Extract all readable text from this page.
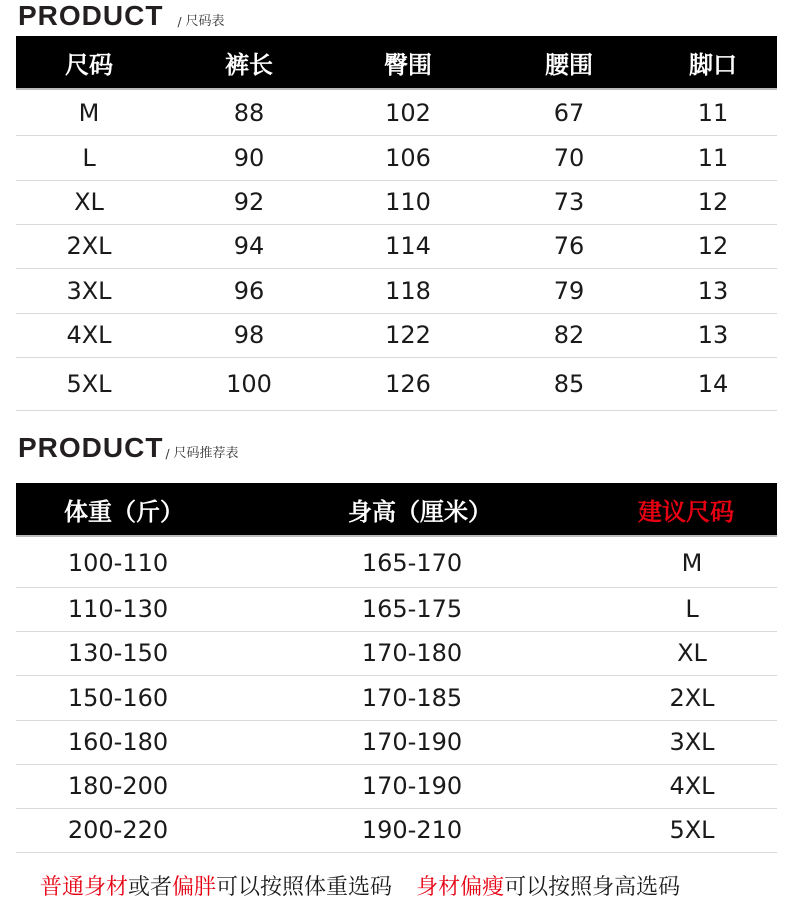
PRODUCT / 尺码表
尺码	裤长	臀围	腰围	脚口
M	88	102	67	11
L	90	106	70	11
XL	92	110	73	12
2XL	94	114	76	12
3XL	96	118	79	13
4XL	98	122	82	13
5XL	100	126	85	14
PRODUCT / 尺码推荐表
体重（斤）	身高（厘米）	建议尺码
100-110	165-170	M
110-130	165-175	L
130-150	170-180	XL
150-160	170-185	2XL
160-180	170-190	3XL
180-200	170-190	4XL
200-220	190-210	5XL
普通身材或者偏胖可以按照体重选码 身材偏瘦可以按照身高选码
